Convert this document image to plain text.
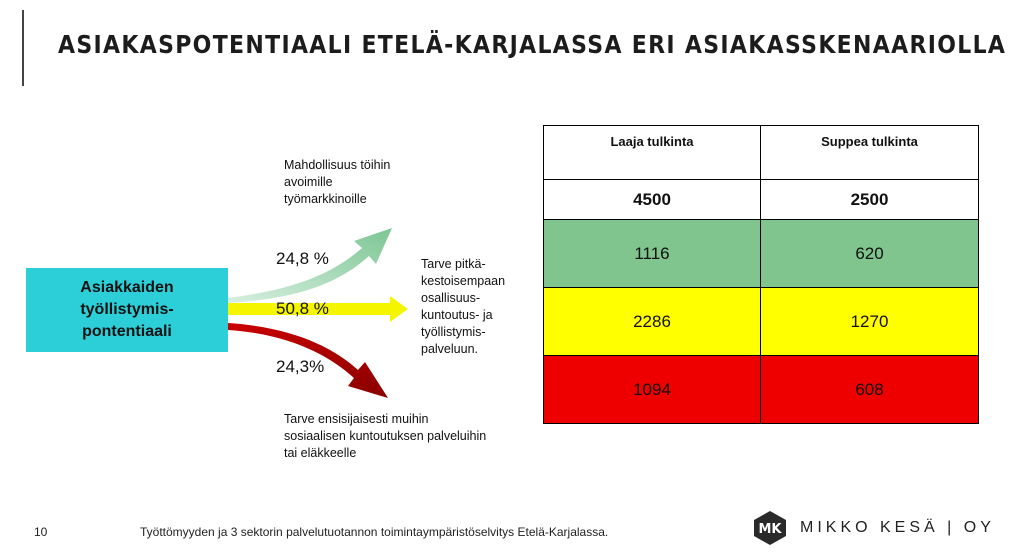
ASIAKASPOTENTIAALI ETELÄ-KARJALASSA ERI ASIAKASSKENAARIOLLA
Asiakkaiden
työllistymis-
pontentiaali
24,8 %
50,8 %
24,3%
Mahdollisuus töihin
avoimille
työmarkkinoille
Tarve pitkä-
kestoisempaan
osallisuus-
kuntoutus- ja
työllistymis-
palveluun.
Tarve ensisijaisesti muihin
sosiaalisen kuntoutuksen palveluihin
tai eläkkeelle
Laaja tulkinta	Suppea tulkinta
4500	2500
1116	620
2286	1270
1094	608
10	Työttömyyden ja 3 sektorin palvelutuotannon toimintaympäristöselvitys Etelä-Karjalassa.	MK MIKKO KESÄ | OY
